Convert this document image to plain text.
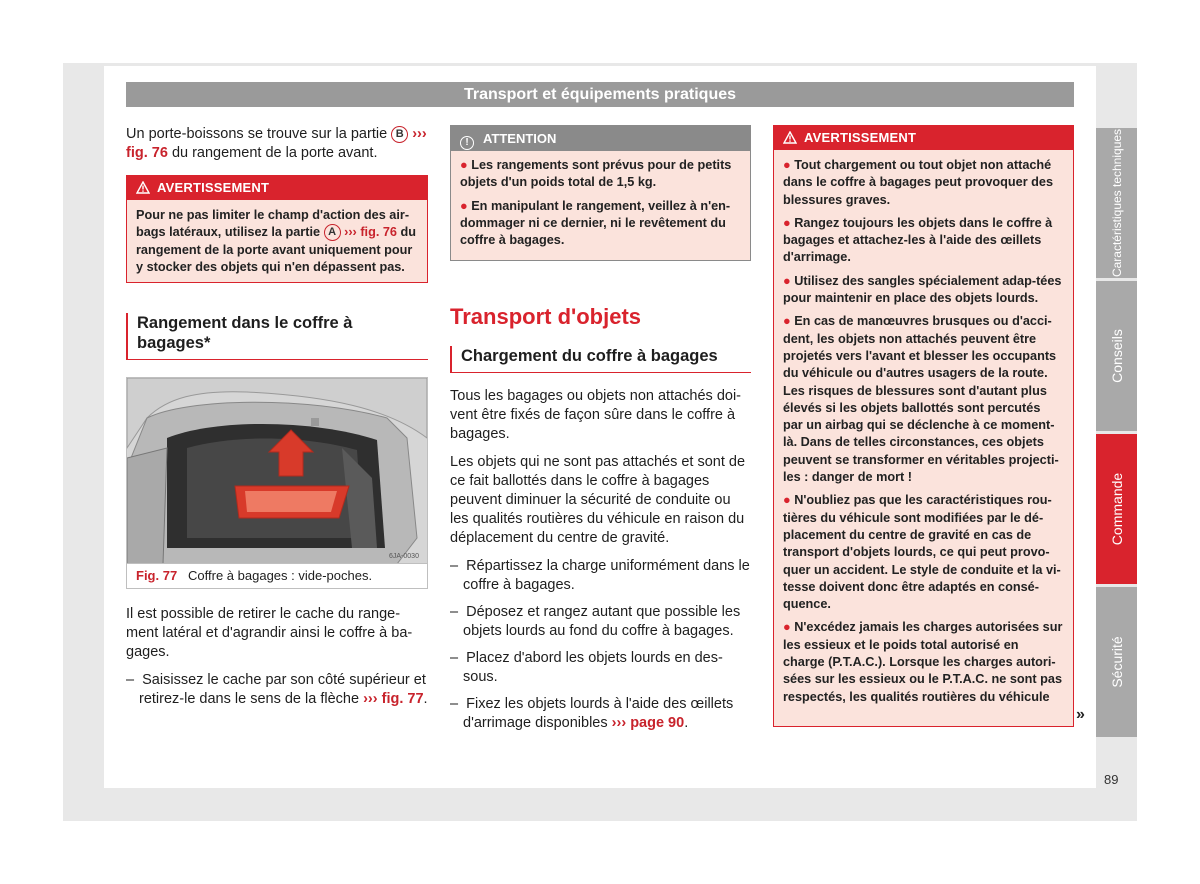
Transport et équipements pratiques
Caractéristiques techniques
Conseils
Commande
Sécurité
89

Un porte-boissons se trouve sur la partie B ››› fig. 76 du rangement de la porte avant.

AVERTISSEMENT
Pour ne pas limiter le champ d'action des air-bags latéraux, utilisez la partie A ››› fig. 76 du rangement de la porte avant uniquement pour y stocker des objets qui n'en dépassent pas.
Rangement dans le coffre à bagages*
6JA-0030
Fig. 77 Coffre à bagages : vide-poches.

Il est possible de retirer le cache du range-ment latéral et d'agrandir ainsi le coffre à ba-gages.

– Saisissez le cache par son côté supérieur et retirez-le dans le sens de la flèche ››› fig. 77.
! ATTENTION
● Les rangements sont prévus pour de petits objets d'un poids total de 1,5 kg.
● En manipulant le rangement, veillez à n'en-dommager ni ce dernier, ni le revêtement du coffre à bagages.
Transport d'objets
Chargement du coffre à bagages

Tous les bagages ou objets non attachés doi-vent être fixés de façon sûre dans le coffre à bagages.

Les objets qui ne sont pas attachés et sont de ce fait ballottés dans le coffre à bagages peuvent diminuer la sécurité de conduite ou les qualités routières du véhicule en raison du déplacement du centre de gravité.

– Répartissez la charge uniformément dans le coffre à bagages.
– Déposez et rangez autant que possible les objets lourds au fond du coffre à bagages.
– Placez d'abord les objets lourds en des-sous.
– Fixez les objets lourds à l'aide des œillets d'arrimage disponibles ››› page 90.
AVERTISSEMENT
● Tout chargement ou tout objet non attaché dans le coffre à bagages peut provoquer des blessures graves.
● Rangez toujours les objets dans le coffre à bagages et attachez-les à l'aide des œillets d'arrimage.
● Utilisez des sangles spécialement adap-tées pour maintenir en place des objets lourds.
● En cas de manœuvres brusques ou d'acci-dent, les objets non attachés peuvent être projetés vers l'avant et blesser les occupants du véhicule ou d'autres usagers de la route. Les risques de blessures sont d'autant plus élevés si les objets ballottés sont percutés par un airbag qui se déclenche à ce moment-là. Dans de telles circonstances, ces objets peuvent se transformer en véritables projecti-les : danger de mort !
● N'oubliez pas que les caractéristiques rou-tières du véhicule sont modifiées par le dé-placement du centre de gravité en cas de transport d'objets lourds, ce qui peut provo-quer un accident. Le style de conduite et la vi-tesse doivent donc être adaptés en consé-quence.
● N'excédez jamais les charges autorisées sur les essieux et le poids total autorisé en charge (P.T.A.C.). Lorsque les charges autori-sées sur les essieux ou le P.T.A.C. ne sont pas respectés, les qualités routières du véhicule
»
